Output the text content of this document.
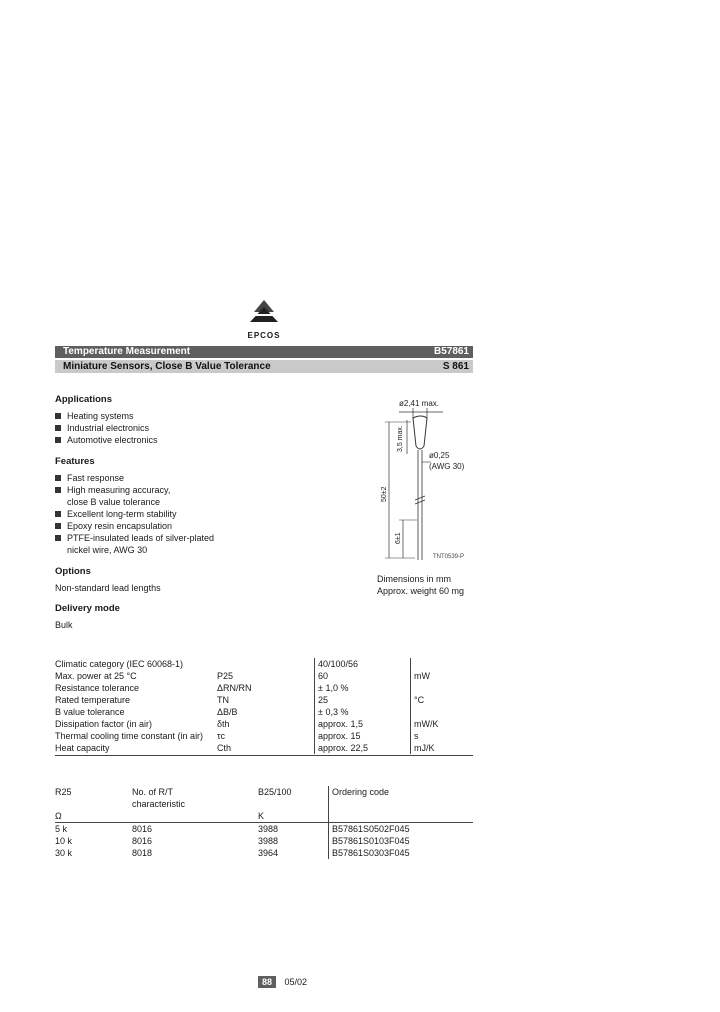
EPCOS
Temperature Measurement	B57861
Miniature Sensors, Close B Value Tolerance	S 861
Applications
Heating systems
Industrial electronics
Automotive electronics
Features
Fast response
High measuring accuracy,
close B value tolerance
Excellent long-term stability
Epoxy resin encapsulation
PTFE-insulated leads of silver-plated
nickel wire, AWG 30
Options
Non-standard lead lengths
Delivery mode
Bulk
ø2,41 max.
3,5 max.
ø0,25
(AWG 30)
50±2
6±1
TNT0539-P
Dimensions in mm
Approx. weight 60 mg
Climatic category (IEC 60068-1)		40/100/56	
Max. power at 25 °C	P25	60	mW
Resistance tolerance	ΔRN/RN	± 1,0 %	
Rated temperature	TN	25	°C
B value tolerance	ΔB/B	± 0,3 %	
Dissipation factor (in air)	δth	approx. 1,5	mW/K
Thermal cooling time constant (in air)	τc	approx. 15	s
Heat capacity	Cth	approx. 22,5	mJ/K
R25	No. of R/T	B25/100	Ordering code
	characteristic		
Ω		K	
5 k	8016	3988	B57861S0502F045
10 k	8016	3988	B57861S0103F045
30 k	8018	3964	B57861S0303F045
88 05/02
